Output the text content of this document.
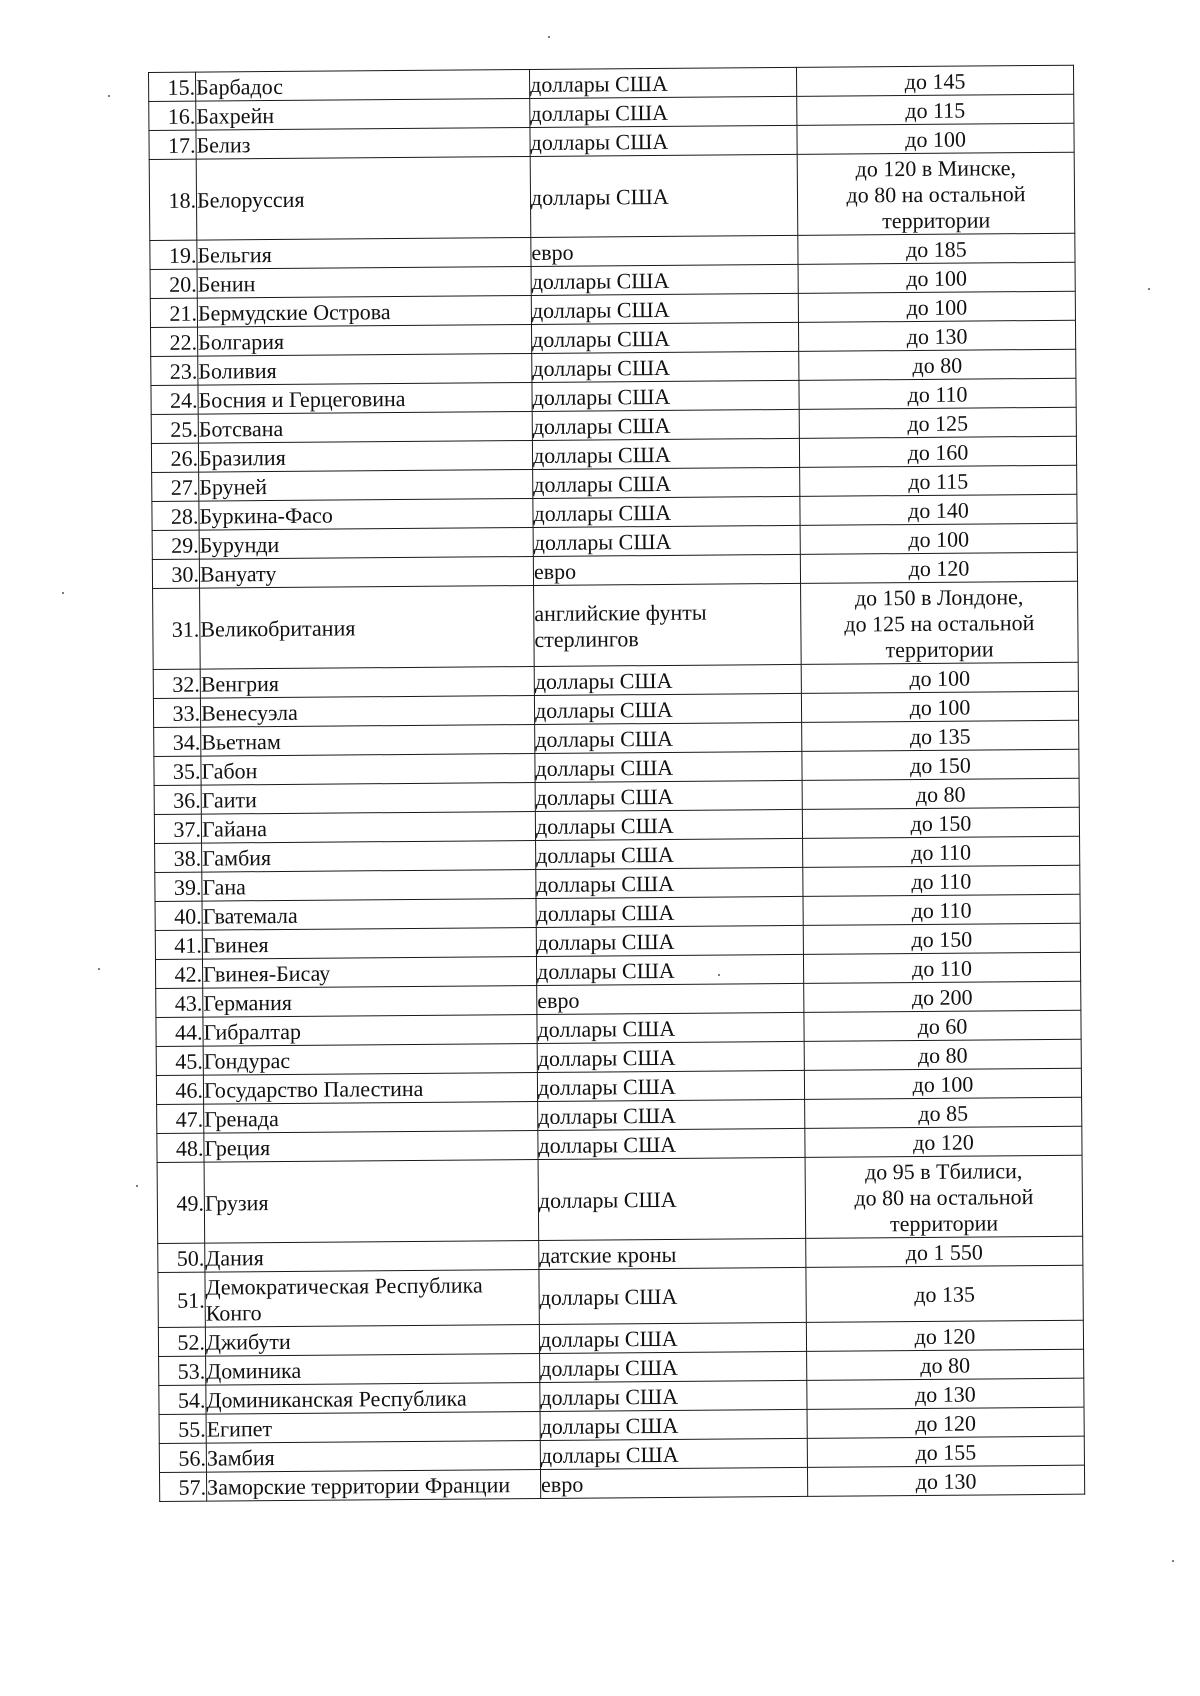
15.	Барбадос	доллары США	до 145
16.	Бахрейн	доллары США	до 115
17.	Белиз	доллары США	до 100
18.	Белоруссия	доллары США	до 120 в Минске,
до 80 на остальной
территории
19.	Бельгия	евро	до 185
20.	Бенин	доллары США	до 100
21.	Бермудские Острова	доллары США	до 100
22.	Болгария	доллары США	до 130
23.	Боливия	доллары США	до 80
24.	Босния и Герцеговина	доллары США	до 110
25.	Ботсвана	доллары США	до 125
26.	Бразилия	доллары США	до 160
27.	Бруней	доллары США	до 115
28.	Буркина-Фасо	доллары США	до 140
29.	Бурунди	доллары США	до 100
30.	Вануату	евро	до 120
31.	Великобритания	английские фунты стерлингов	до 150 в Лондоне,
до 125 на остальной
территории
32.	Венгрия	доллары США	до 100
33.	Венесуэла	доллары США	до 100
34.	Вьетнам	доллары США	до 135
35.	Габон	доллары США	до 150
36.	Гаити	доллары США	до 80
37.	Гайана	доллары США	до 150
38.	Гамбия	доллары США	до 110
39.	Гана	доллары США	до 110
40.	Гватемала	доллары США	до 110
41.	Гвинея	доллары США	до 150
42.	Гвинея-Бисау	доллары США	до 110
43.	Германия	евро	до 200
44.	Гибралтар	доллары США	до 60
45.	Гондурас	доллары США	до 80
46.	Государство Палестина	доллары США	до 100
47.	Гренада	доллары США	до 85
48.	Греция	доллары США	до 120
49.	Грузия	доллары США	до 95 в Тбилиси,
до 80 на остальной
территории
50.	Дания	датские кроны	до 1 550
51.	Демократическая Республика Конго	доллары США	до 135
52.	Джибути	доллары США	до 120
53.	Доминика	доллары США	до 80
54.	Доминиканская Республика	доллары США	до 130
55.	Египет	доллары США	до 120
56.	Замбия	доллары США	до 155
57.	Заморские территории Франции	евро	до 130
